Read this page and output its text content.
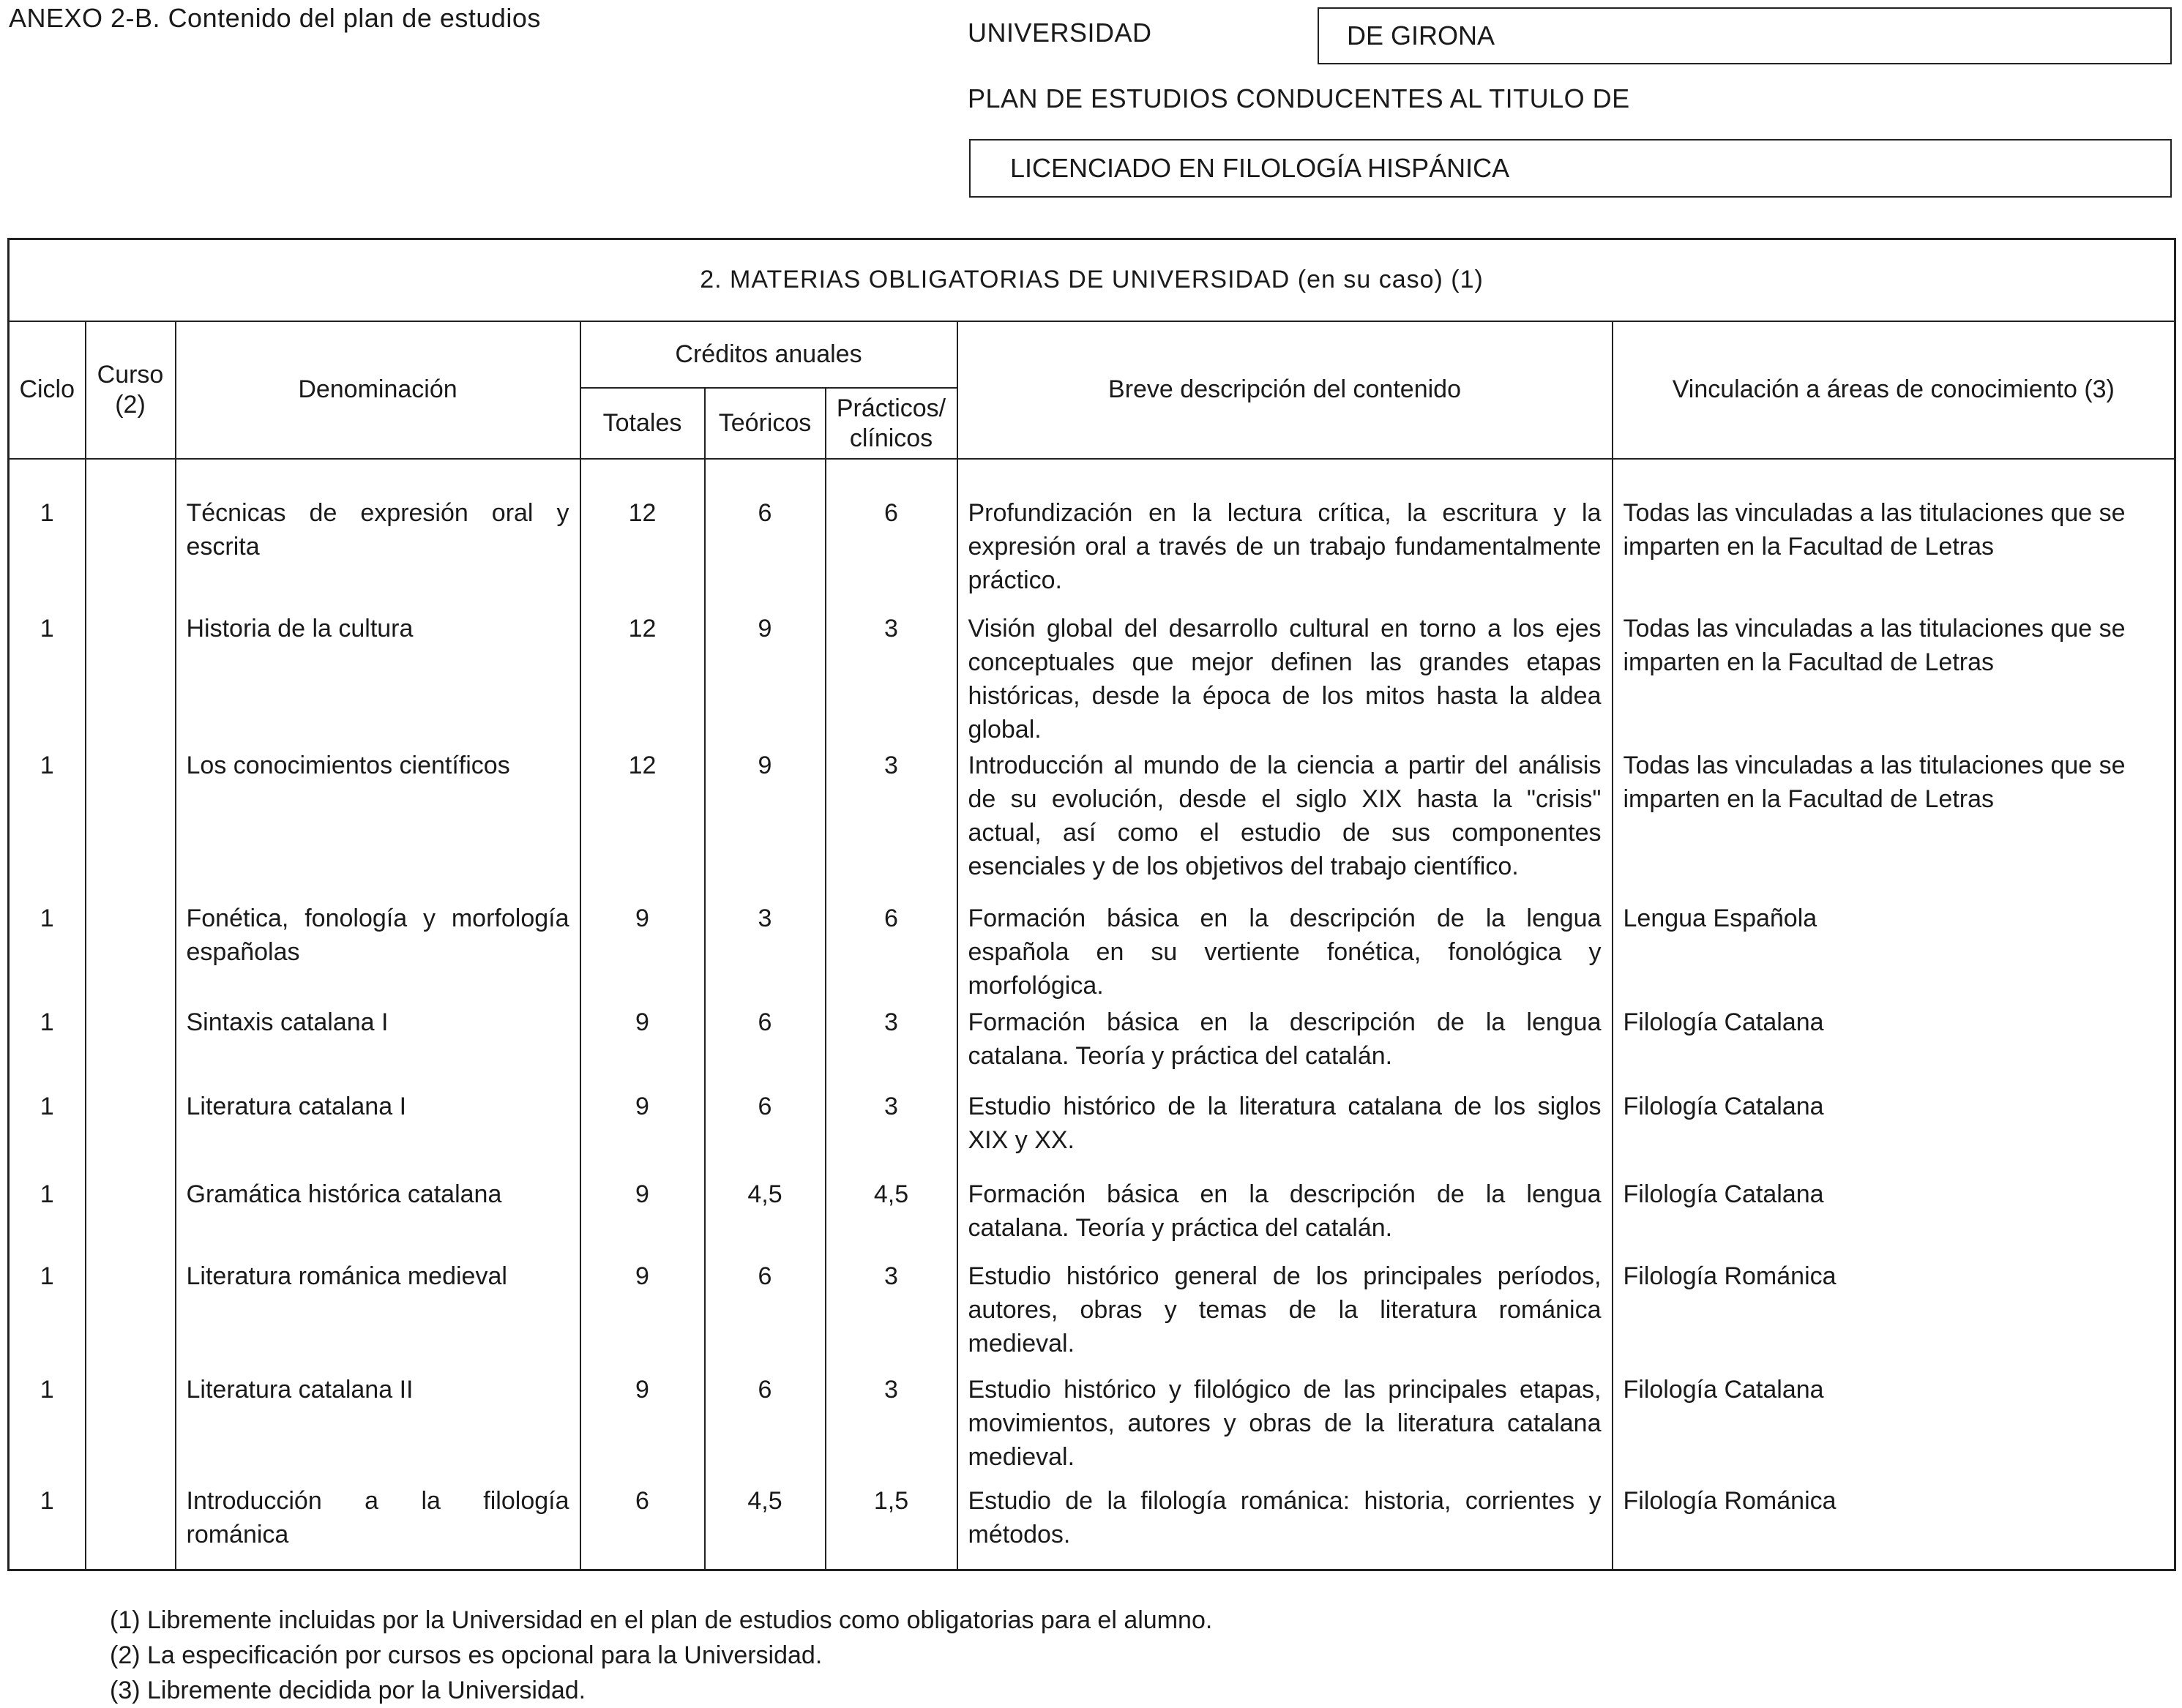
ANEXO 2-B. Contenido del plan de estudios	UNIVERSIDAD	DE GIRONA
PLAN DE ESTUDIOS CONDUCENTES AL TITULO DE
LICENCIADO EN FILOLOGÍA HISPÁNICA
2. MATERIAS OBLIGATORIAS DE UNIVERSIDAD (en su caso) (1)							
Ciclo	Curso (2)	Denominación	Créditos anuales			Breve descripción del contenido	Vinculación a áreas de conocimiento (3)
			Totales	Teóricos	Prácticos/ clínicos		

1		Técnicas de expresión oral y escrita	12	6	6	Profundización en la lectura crítica, la escritura y la expresión oral a través de un trabajo fundamentalmente práctico.	Todas las vinculadas a las titulaciones que se imparten en la Facultad de Letras
1		Historia de la cultura	12	9	3	Visión global del desarrollo cultural en torno a los ejes conceptuales que mejor definen las grandes etapas históricas, desde la época de los mitos hasta la aldea global.	Todas las vinculadas a las titulaciones que se imparten en la Facultad de Letras
1		Los conocimientos científicos	12	9	3	Introducción al mundo de la ciencia a partir del análisis de su evolución, desde el siglo XIX hasta la "crisis" actual, así como el estudio de sus componentes esenciales y de los objetivos del trabajo científico.	Todas las vinculadas a las titulaciones que se imparten en la Facultad de Letras
1		Fonética, fonología y morfología españolas	9	3	6	Formación básica en la descripción de la lengua española en su vertiente fonética, fonológica y morfológica.	Lengua Española
1		Sintaxis catalana I	9	6	3	Formación básica en la descripción de la lengua catalana. Teoría y práctica del catalán.	Filología Catalana
1		Literatura catalana I	9	6	3	Estudio histórico de la literatura catalana de los siglos XIX y XX.	Filología Catalana
1		Gramática histórica catalana	9	4,5	4,5	Formación básica en la descripción de la lengua catalana. Teoría y práctica del catalán.	Filología Catalana
1		Literatura románica medieval	9	6	3	Estudio histórico general de los principales períodos, autores, obras y temas de la literatura románica medieval.	Filología Románica
1		Literatura catalana II	9	6	3	Estudio histórico y filológico de las principales etapas, movimientos, autores y obras de la literatura catalana medieval.	Filología Catalana
1		Introducción a la filología románica	6	4,5	1,5	Estudio de la filología románica: historia, corrientes y métodos.	Filología Románica
(1) Libremente incluidas por la Universidad en el plan de estudios como obligatorias para el alumno.
(2) La especificación por cursos es opcional para la Universidad.
(3) Libremente decidida por la Universidad.
